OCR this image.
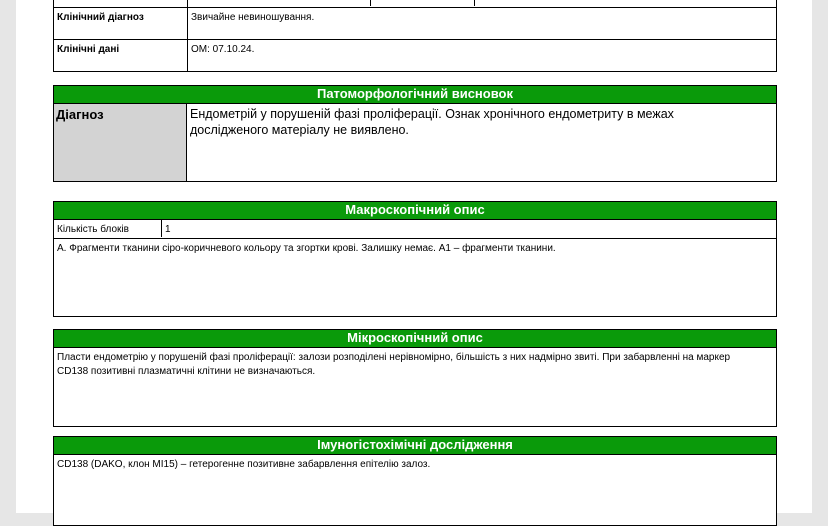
Клінічний діагноз	Звичайне невиношування.
Клінічні дані	ОМ: 07.10.24.
Патоморфологічний висновок
Діагноз	Ендометрій у порушеній фазі проліферації. Ознак хронічного ендометриту в межах дослідженого матеріалу не виявлено.
Макроскопічний опис
Кількість блоків	1
А. Фрагменти тканини сіро-коричневого кольору та згортки крові. Залишку немає. А1 – фрагменти тканини.
Мікроскопічний опис
Пласти ендометрію у порушеній фазі проліферації: залози розподілені нерівномірно, більшість з них надмірно звиті. При забарвленні на маркер CD138 позитивні плазматичні клітини не визначаються.
Імуногістохімічні дослідження
CD138 (DAKO, клон MI15) – гетерогенне позитивне забарвлення епітелію залоз.
